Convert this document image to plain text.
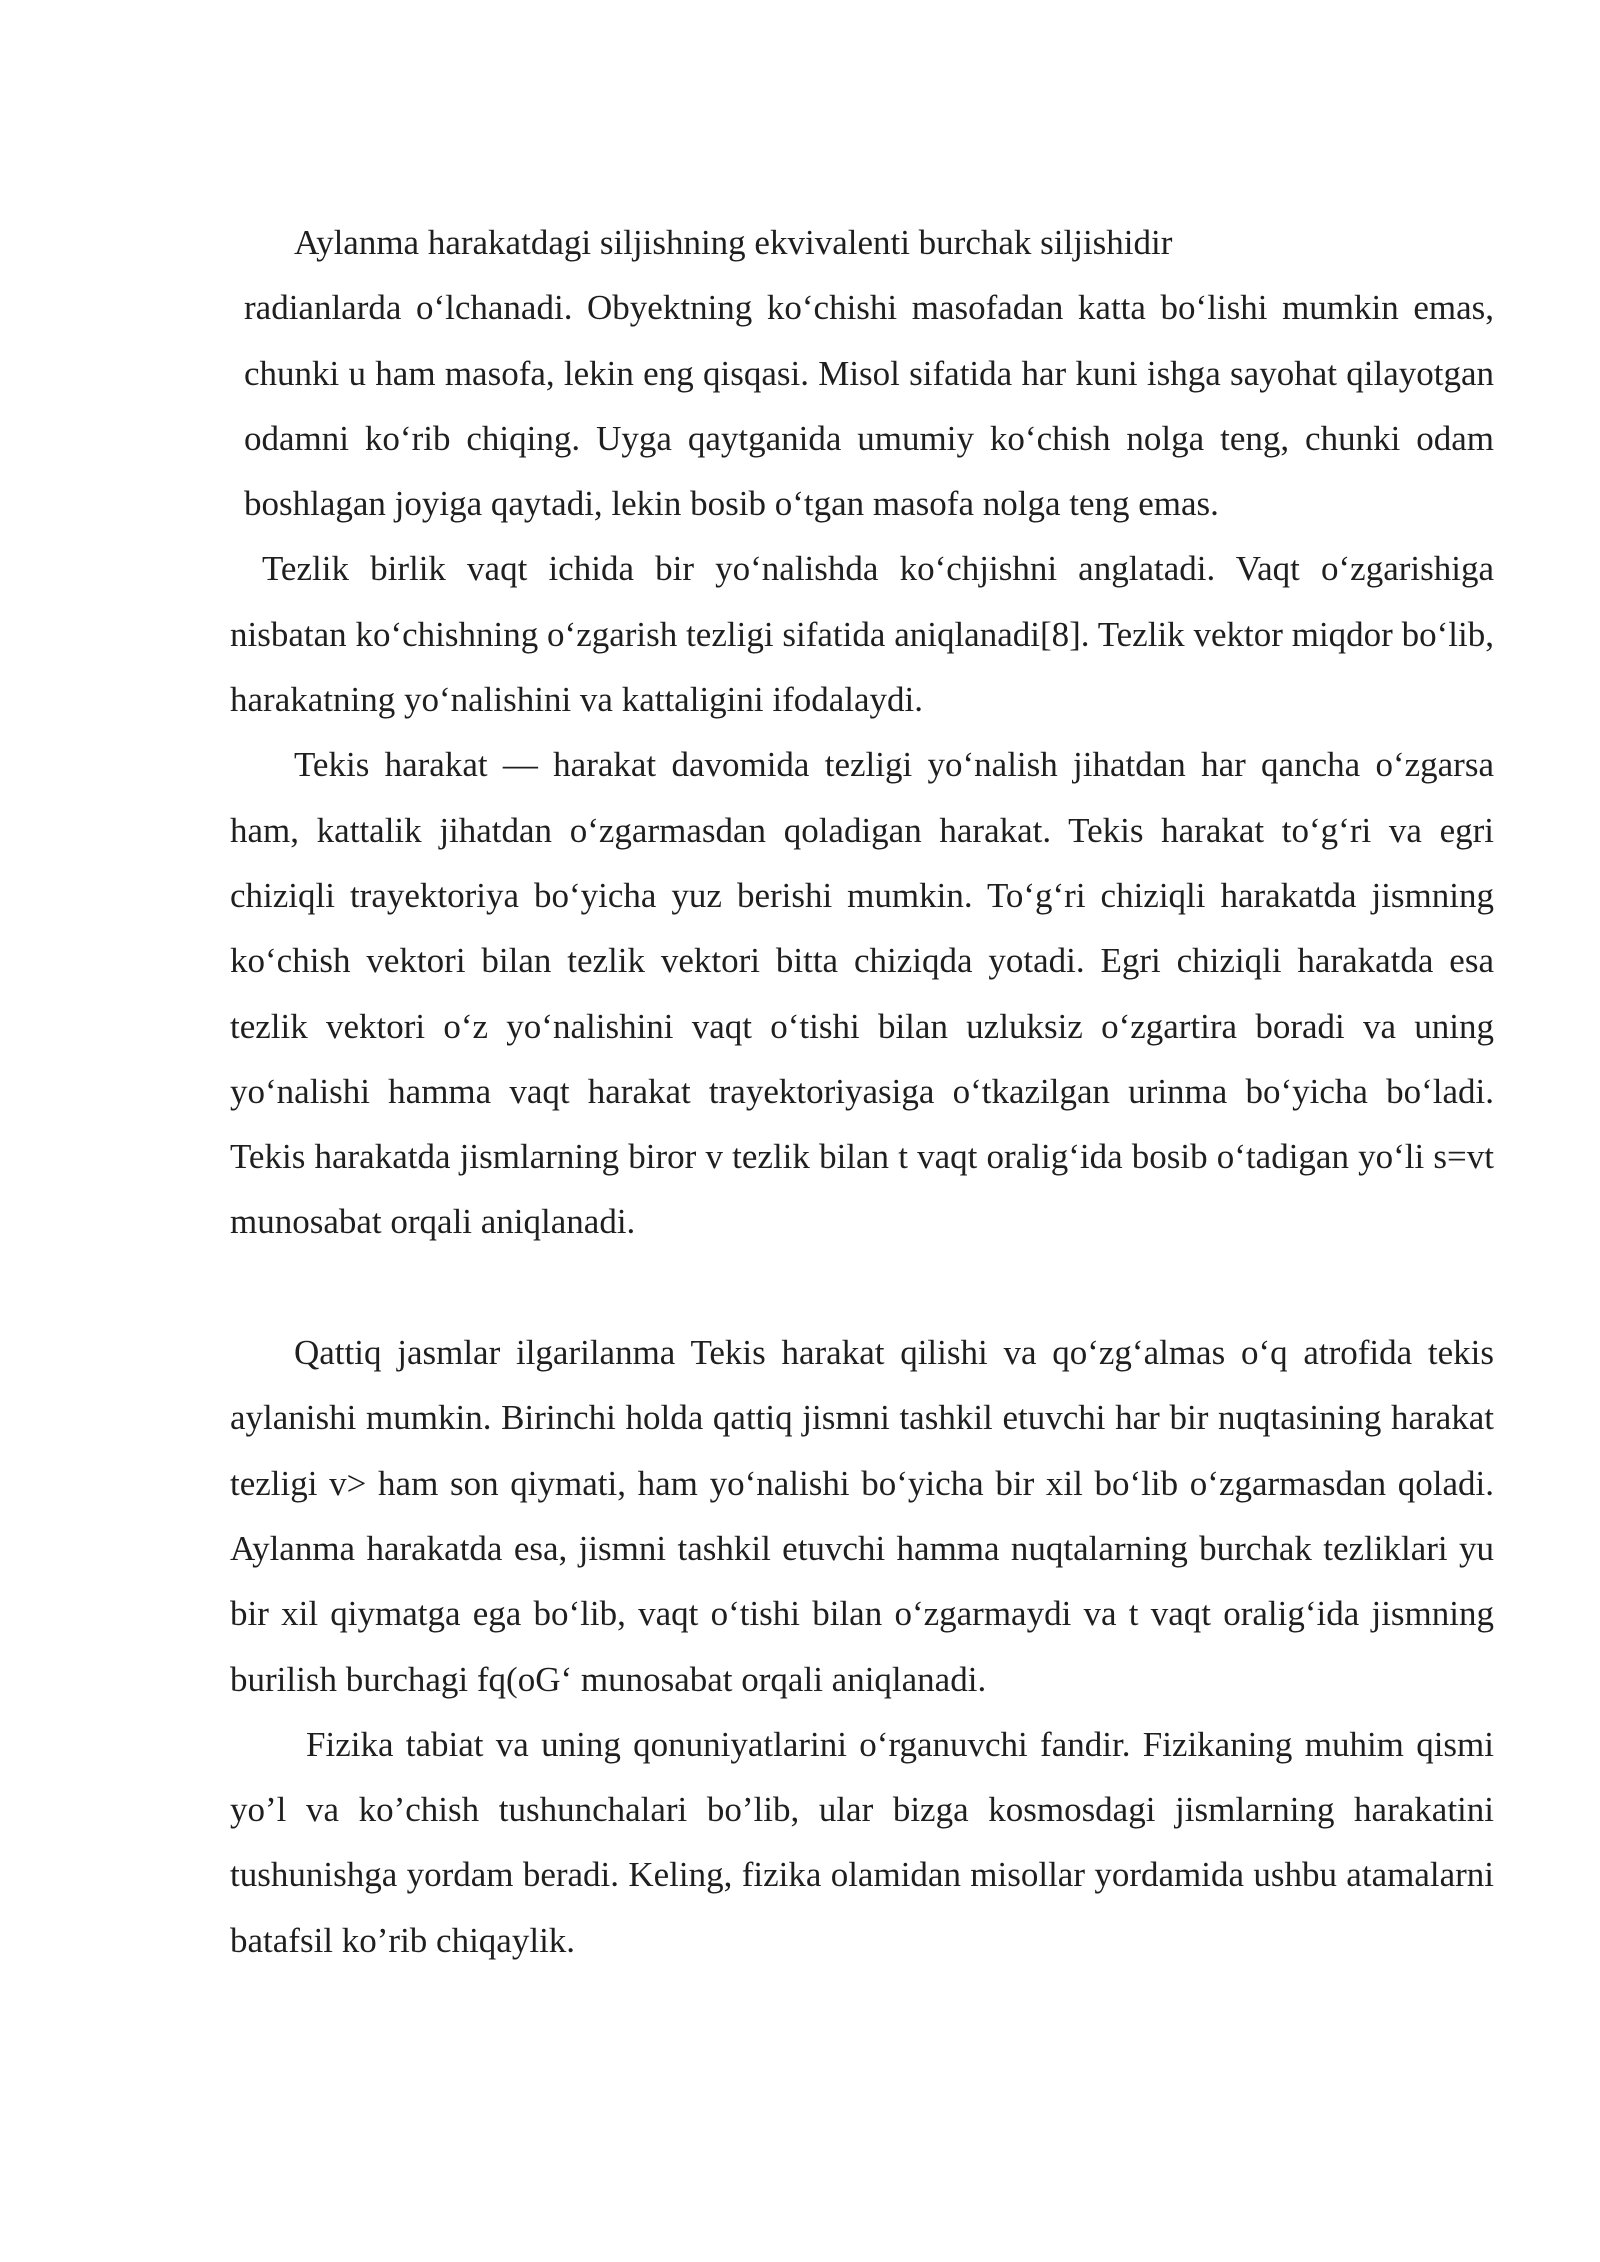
Aylanma harakatdagi siljishning ekvivalenti burchak siljishidir
radianlarda o‘lchanadi. Obyektning ko‘chishi masofadan katta bo‘lishi mumkin emas, chunki u ham masofa, lekin eng qisqasi. Misol sifatida har kuni ishga sayohat qilayotgan odamni ko‘rib chiqing. Uyga qaytganida umumiy ko‘chish nolga teng, chunki odam boshlagan joyiga qaytadi, lekin bosib o‘tgan masofa nolga teng emas.

Tezlik birlik vaqt ichida bir yo‘nalishda ko‘chjishni anglatadi. Vaqt o‘zgarishiga nisbatan ko‘chishning o‘zgarish tezligi sifatida aniqlanadi[8]. Tezlik vektor miqdor bo‘lib, harakatning yo‘nalishini va kattaligini ifodalaydi.

Tekis harakat — harakat davomida tezligi yo‘nalish jihatdan har qancha o‘zgarsa ham, kattalik jihatdan o‘zgarmasdan qoladigan harakat. Tekis harakat to‘g‘ri va egri chiziqli trayektoriya bo‘yicha yuz berishi mumkin. To‘g‘ri chiziqli harakatda jismning ko‘chish vektori bilan tezlik vektori bitta chiziqda yotadi. Egri chiziqli harakatda esa tezlik vektori o‘z yo‘nalishini vaqt o‘tishi bilan uzluksiz o‘zgartira boradi va uning yo‘nalishi hamma vaqt harakat trayektoriyasiga o‘tkazilgan urinma bo‘yicha bo‘ladi. Tekis harakatda jismlarning biror v tezlik bilan t vaqt oralig‘ida bosib o‘tadigan yo‘li s=vt munosabat orqali aniqlanadi.

Qattiq jasmlar ilgarilanma Tekis harakat qilishi va qo‘zg‘almas o‘q atrofida tekis aylanishi mumkin. Birinchi holda qattiq jismni tashkil etuvchi har bir nuqtasining harakat tezligi v> ham son qiymati, ham yo‘nalishi bo‘yicha bir xil bo‘lib o‘zgarmasdan qoladi. Aylanma harakatda esa, jismni tashkil etuvchi hamma nuqtalarning burchak tezliklari yu bir xil qiymatga ega bo‘lib, vaqt o‘tishi bilan o‘zgarmaydi va t vaqt oralig‘ida jismning burilish burchagi fq(oG‘ munosabat orqali aniqlanadi.

Fizika tabiat va uning qonuniyatlarini o‘rganuvchi fandir. Fizikaning muhim qismi yo’l va ko’chish tushunchalari bo’lib, ular bizga kosmosdagi jismlarning harakatini tushunishga yordam beradi. Keling, fizika olamidan misollar yordamida ushbu atamalarni batafsil ko’rib chiqaylik.
